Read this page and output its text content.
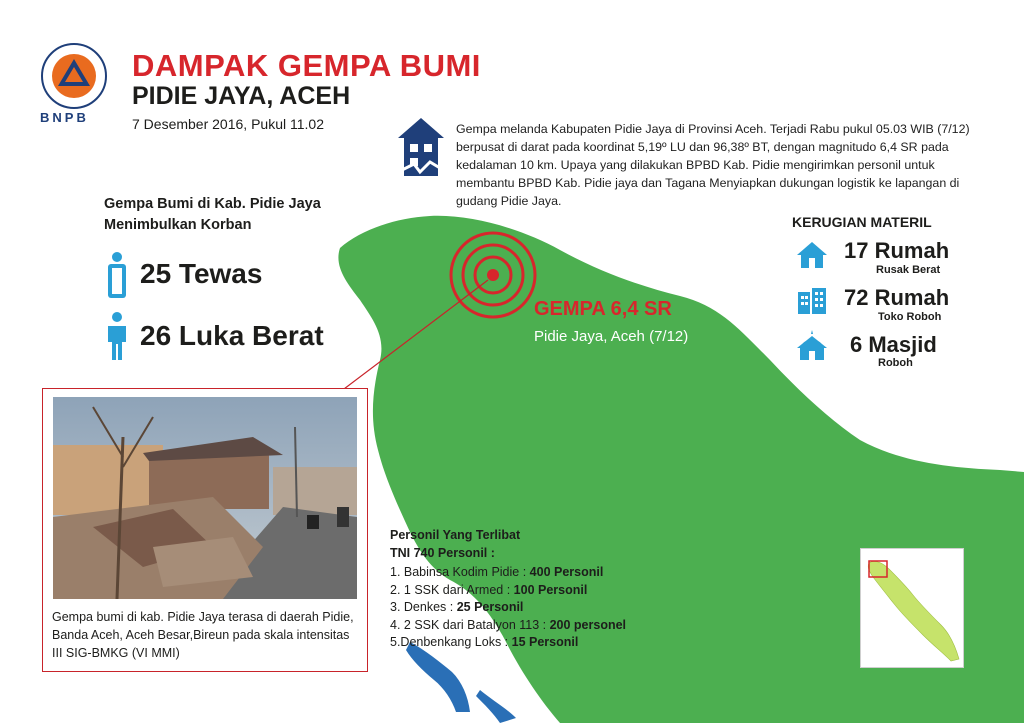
BNPB
DAMPAK GEMPA BUMI
PIDIE JAYA, ACEH
7 Desember 2016, Pukul 11.02	Gempa melanda Kabupaten Pidie Jaya di Provinsi Aceh. Terjadi Rabu pukul 05.03 WIB (7/12) berpusat di darat pada koordinat 5,19º LU dan 96,38º BT, dengan magnitudo 6,4 SR pada kedalaman 10 km. Upaya yang dilakukan BPBD Kab. Pidie mengirimkan personil untuk membantu BPBD Kab. Pidie jaya dan Tagana Menyiapkan dukungan logistik ke lapangan di gudang Pidie Jaya.
Gempa Bumi di Kab. Pidie Jaya Menimbulkan Korban
25 Tewas
26 Luka Berat
GEMPA 6,4 SR
Pidie Jaya, Aceh (7/12)
KERUGIAN MATERIL
17 Rumah
Rusak Berat
72 Rumah
Toko Roboh
6 Masjid
Roboh
Gempa bumi di kab. Pidie Jaya terasa di daerah Pidie, Banda Aceh, Aceh Besar,Bireun pada skala intensitas III SIG-BMKG (VI MMI)
Personil Yang Terlibat
TNI 740 Personil :
1. Babinsa Kodim Pidie : 400 Personil
2. 1 SSK dari Armed : 100 Personil
3. Denkes : 25 Personil
4. 2 SSK dari Batalyon 113 : 200 personel
5.Denbenkang Loks : 15 Personil
